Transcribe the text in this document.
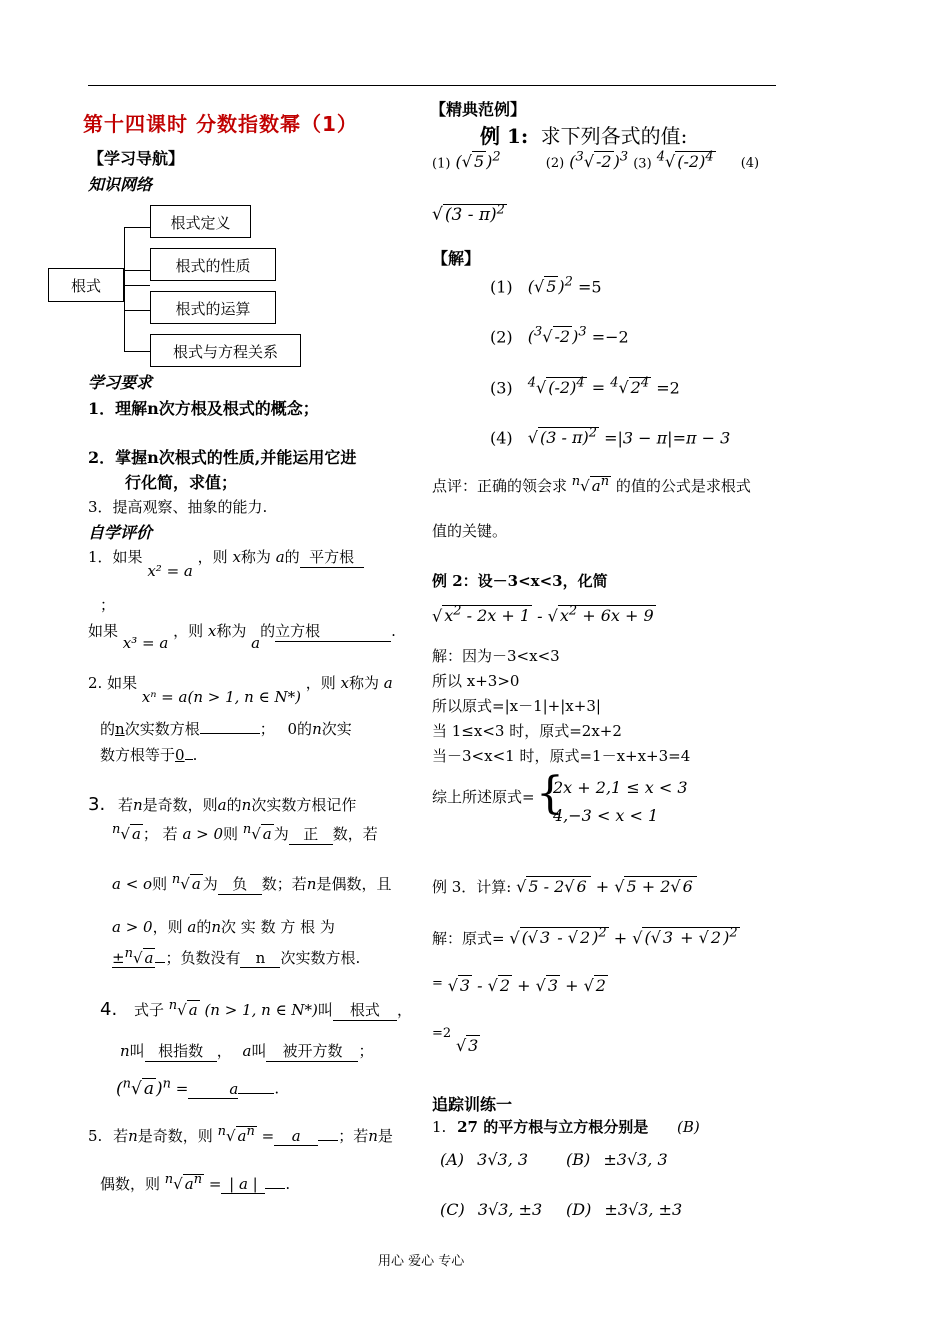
第十四课时 分数指数幂（1）
【学习导航】
知识网络
根式
根式定义
根式的性质
根式的运算
根式与方程关系
学习要求
1．理解n次方根及根式的概念；
2．掌握n次根式的性质,并能运用它进
行化简，求值；
3．提高观察、抽象的能力.
自学评价
1．如果 x² = a ，则 x称为 a的 平方根
；
如果 x³ = a ，则 x称为 a的立方根	.
2. 如果 xⁿ = a(n > 1, n ∈ N*) ，则 x称为 a
的n次实数方根	； 0的n次实
数方根等于0 .
3. 若n是奇数，则a的n次实数方根记作
$^n$√ a ； 若 a > 0则 $^n$√ a 为 正 数，若
a < o则 $^n$√ a 为 负 数；若n是偶数，且
a > 0，则 a的n次 实 数 方 根 为
±$^n$√ a ；负数没有 n 次实数方根.
4. 式子 $^n$√ a (n > 1, n ∈ N*)叫 根式 ，
n叫 根指数 ， a叫 被开方数 ；
($^n$√ a )$^n$ =	a .
5. 若n是奇数，则 $^n$√ $a^n = a$	；若n是
偶数，则 $^n$√ $a^n$ = | a | .
【精典范例】
例 1: 求下列各式的值:
(1) (√ 5 )$^2$	(2) ($^3$√ -2 )$^3$ (3) $^4$√ $(-2)^4$ (4)
√ (3 - π)$^2$
【解】
(1) (√ 5 )$^2$ =5
(2) ($^3$√ -2 )$^3$ =−2
(3) $^4$√ $(-2)^4 = ^4√$ $2^4 =2$
(4) √ (3 - π)$^2$ =|3 − π|=π − 3
点评：正确的领会求 $^n$√ $a^n$ 的值的公式是求根式
值的关键。
例 2：设－3<x<3，化简
√ $x^2 - 2x + 1$ - √ $x^2 + 6x + 9$
解：因为－3<x<3
所以 x+3>0
所以原式=|x－1|+|x+3|
当 1≤x<3 时，原式=2x+2
当－3<x<1 时，原式=1－x+x+3=4
综上所述原式= {
2x + 2,1 ≤ x < 3
4,−3 < x < 1
例 3．计算: √ 5 - 2√ 6 + √ 5 + 2√ 6
解：原式= √ (√ 3 - √ 2 )$^2$ + √ (√ 3 + √ 2 )$^2$
= √ 3 - √ 2 + √ 3 + √ 2
=2 √ 3
追踪训练一
1. 27 的平方根与立方根分别是 (B)
(A) 3√3, 3 (B) ±3√3, 3
(C) 3√3, ±3 (D) ±3√3, ±3
用心 爱心 专心
